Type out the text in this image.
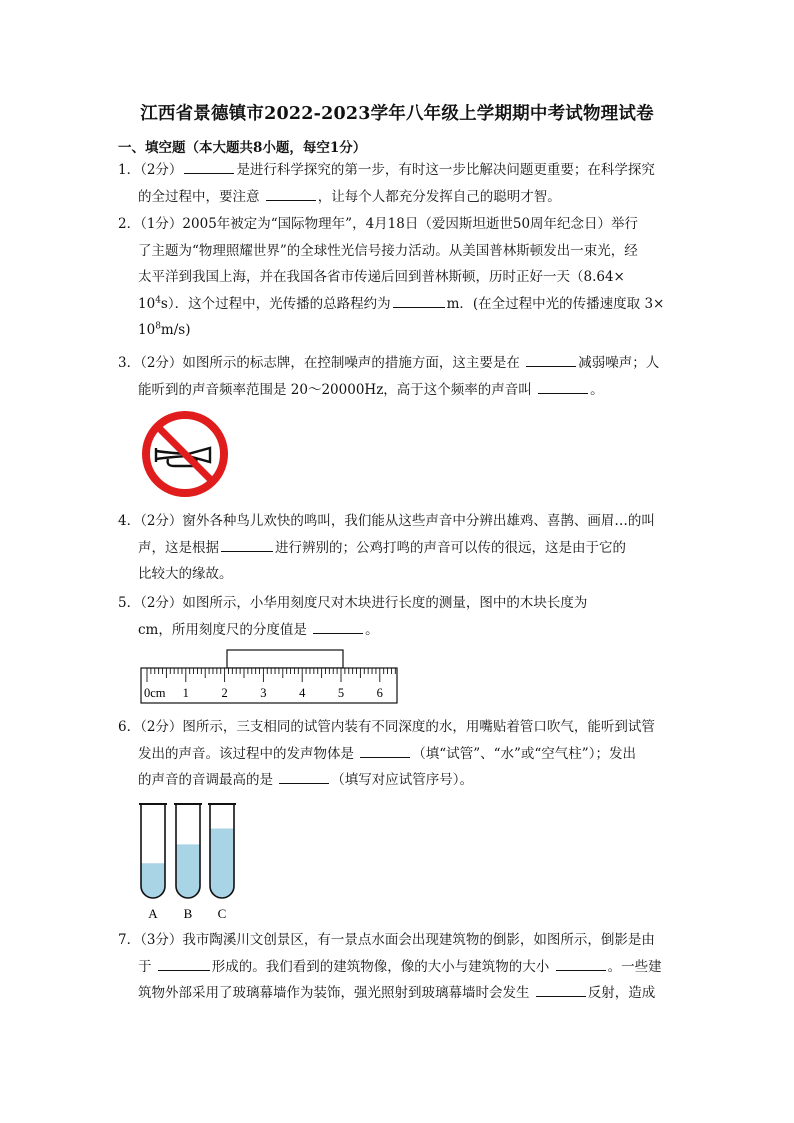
江西省景德镇市2022-2023学年八年级上学期期中考试物理试卷
一、填空题（本大题共8小题，每空1分）
1．（2分）	是进行科学探究的第一步，有时这一步比解决问题更重要；在科学探究
的全过程中，要注意	，让每个人都充分发挥自己的聪明才智。
2．（1分）2005年被定为“国际物理年”，4月18日（爱因斯坦逝世50周年纪念日）举行
了主题为“物理照耀世界”的全球性光信号接力活动。从美国普林斯顿发出一束光，经
太平洋到我国上海，并在我国各省市传递后回到普林斯顿，历时正好一天（8.64×
$10^4s$）．这个过程中，光传播的总路程约为	m．(在全过程中光的传播速度取 3×
$10^8m/s$)
3．（2分）如图所示的标志牌，在控制噪声的措施方面，这主要是在	减弱噪声；人
能听到的声音频率范围是 20～20000Hz，高于这个频率的声音叫	。
4．（2分）窗外各种鸟儿欢快的鸣叫，我们能从这些声音中分辨出雄鸡、喜鹊、画眉…的叫
声，这是根据	进行辨别的；公鸡打鸣的声音可以传的很远，这是由于它的
比较大的缘故。
5．（2分）如图所示，小华用刻度尺对木块进行长度的测量，图中的木块长度为
cm，所用刻度尺的分度值是	。
0cm 1	2	3	4	5	6
6．（2分）图所示，三支相同的试管内装有不同深度的水，用嘴贴着管口吹气，能听到试管
发出的声音。该过程中的发声物体是	（填“试管”、“水”或“空气柱”）；发出
的声音的音调最高的是	（填写对应试管序号）。
A B C
7．（3分）我市陶溪川文创景区，有一景点水面会出现建筑物的倒影，如图所示，倒影是由
于	形成的。我们看到的建筑物像，像的大小与建筑物的大小	。一些建
筑物外部采用了玻璃幕墙作为装饰，强光照射到玻璃幕墙时会发生	反射，造成
